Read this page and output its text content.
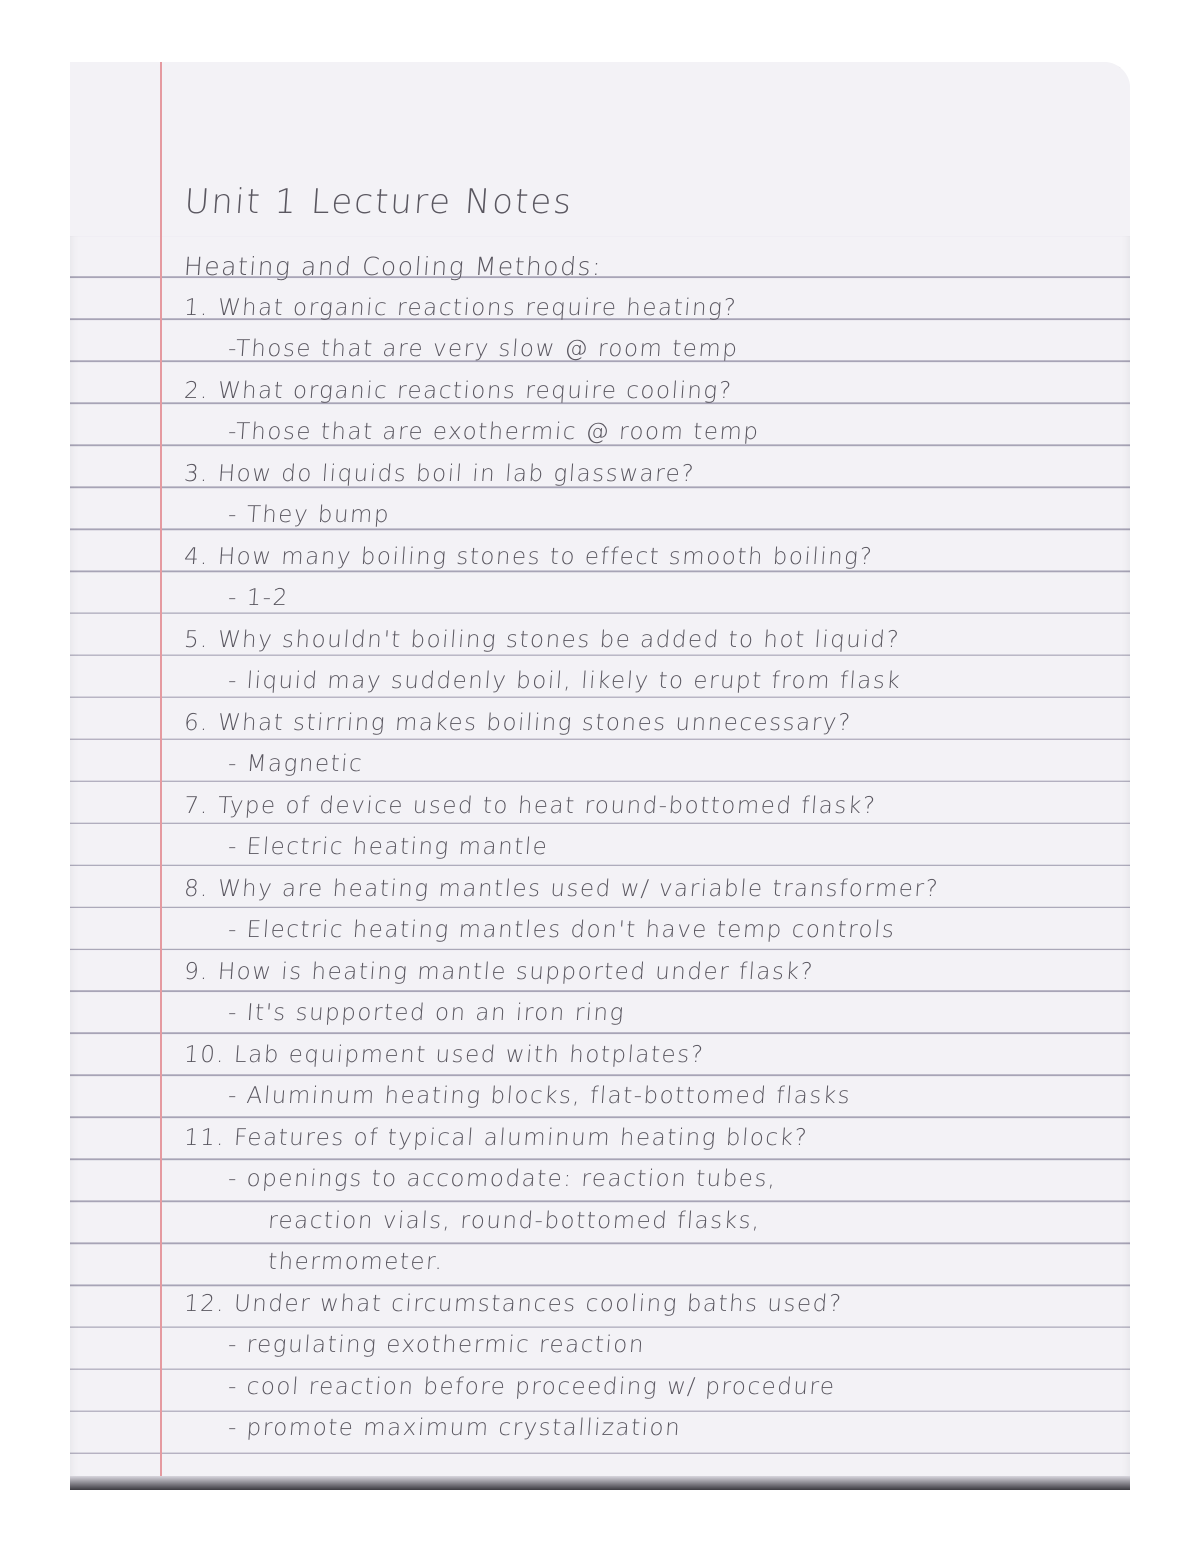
Unit 1 Lecture Notes
Heating and Cooling Methods:
1. What organic reactions require heating?
-Those that are very slow @ room temp
2. What organic reactions require cooling?
-Those that are exothermic @ room temp
3. How do liquids boil in lab glassware?
- They bump
4. How many boiling stones to effect smooth boiling?
- 1-2
5. Why shouldn't boiling stones be added to hot liquid?
- liquid may suddenly boil, likely to erupt from flask
6. What stirring makes boiling stones unnecessary?
- Magnetic
7. Type of device used to heat round-bottomed flask?
- Electric heating mantle
8. Why are heating mantles used w/ variable transformer?
- Electric heating mantles don't have temp controls
9. How is heating mantle supported under flask?
- It's supported on an iron ring
10. Lab equipment used with hotplates?
- Aluminum heating blocks, flat-bottomed flasks
11. Features of typical aluminum heating block?
- openings to accomodate: reaction tubes,
reaction vials, round-bottomed flasks,
thermometer.
12. Under what circumstances cooling baths used?
- regulating exothermic reaction
- cool reaction before proceeding w/ procedure
- promote maximum crystallization
